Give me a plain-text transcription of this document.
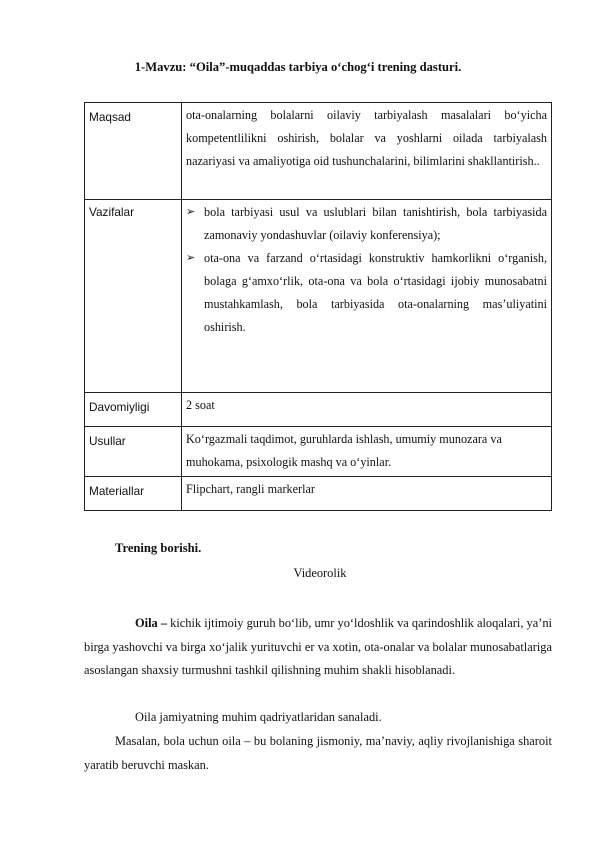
1-Mavzu: “Oila”-muqaddas tarbiya o‘chog‘i trening dasturi.
Maqsad	ota-onalarning bolalarni oilaviy tarbiyalash masalalari bo‘yicha kompetentlilikni oshirish, bolalar va yoshlarni oilada tarbiyalash nazariyasi va amaliyotiga oid tushunchalarini, bilimlarini shakllantirish..
Vazifalar	➢ bola tarbiyasi usul va uslublari bilan tanishtirish, bola tarbiyasida zamonaviy yondashuvlar (oilaviy konferensiya);
➢ ota-ona va farzand o‘rtasidagi konstruktiv hamkorlikni o‘rganish, bolaga g‘amxo‘rlik, ota-ona va bola o‘rtasidagi ijobiy munosabatni mustahkamlash, bola tarbiyasida ota-onalarning mas’uliyatini oshirish.

Davomiyligi	2 soat
Usullar	Ko‘rgazmali taqdimot, guruhlarda ishlash, umumiy munozara va muhokama, psixologik mashq va o‘yinlar.
Materiallar	Flipchart, rangli markerlar
Trening borishi.
Videorolik
Oila – kichik ijtimoiy guruh bo‘lib, umr yo‘ldoshlik va qarindoshlik aloqalari, ya’ni birga yashovchi va birga xo‘jalik yurituvchi er va xotin, ota-onalar va bolalar munosabatlariga asoslangan shaxsiy turmushni tashkil qilishning muhim shakli hisoblanadi.
Oila jamiyatning muhim qadriyatlaridan sanaladi.
Masalan, bola uchun oila – bu bolaning jismoniy, ma’naviy, aqliy rivojlanishiga sharoit yaratib beruvchi maskan.
